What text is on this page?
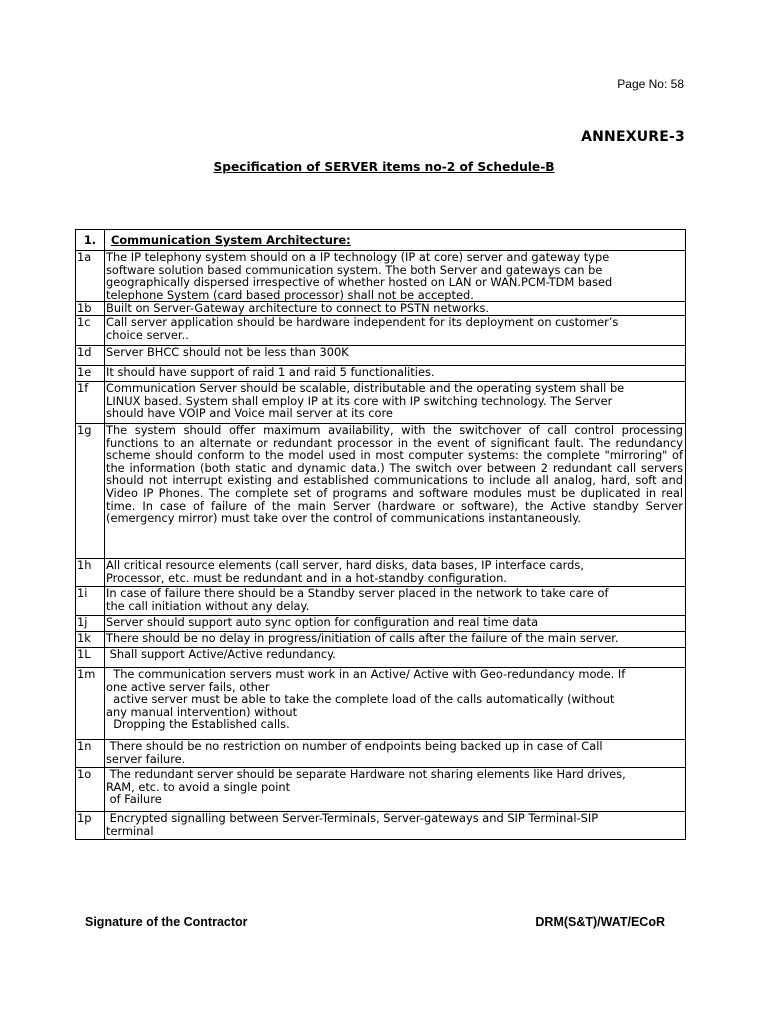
Page No: 58
ANNEXURE-3
Specification of SERVER items no-2 of Schedule-B
1.	Communication System Architecture:
1a	The IP telephony system should on a IP technology (IP at core) server and gateway type
software solution based communication system. The both Server and gateways can be
geographically dispersed irrespective of whether hosted on LAN or WAN.PCM-TDM based
telephone System (card based processor) shall not be accepted.

1b	Built on Server-Gateway architecture to connect to PSTN networks.

1c	Call server application should be hardware independent for its deployment on customer’s
choice server..

1d	Server BHCC should not be less than 300K

1e	It should have support of raid 1 and raid 5 functionalities.

1f	Communication Server should be scalable, distributable and the operating system shall be
LINUX based. System shall employ IP at its core with IP switching technology. The Server
should have VOIP and Voice mail server at its core

1g	The system should offer maximum availability, with the switchover of call control processing functions to an alternate or redundant processor in the event of significant fault. The redundancy scheme should conform to the model used in most computer systems: the complete "mirroring" of the information (both static and dynamic data.) The switch over between 2 redundant call servers should not interrupt existing and established communications to include all analog, hard, soft and Video IP Phones. The complete set of programs and software modules must be duplicated in real time. In case of failure of the main Server (hardware or software), the Active standby Server (emergency mirror) must take over the control of communications instantaneously.
1h	All critical resource elements (call server, hard disks, data bases, IP interface cards,
Processor, etc. must be redundant and in a hot-standby configuration.

1i	In case of failure there should be a Standby server placed in the network to take care of
the call initiation without any delay.

1j	Server should support auto sync option for configuration and real time data

1k	There should be no delay in progress/initiation of calls after the failure of the main server.

1L	Shall support Active/Active redundancy.

1m	The communication servers must work in an Active/ Active with Geo-redundancy mode. If
one active server fails, other
active server must be able to take the complete load of the calls automatically (without
any manual intervention) without
Dropping the Established calls.

1n	There should be no restriction on number of endpoints being backed up in case of Call
server failure.

1o	The redundant server should be separate Hardware not sharing elements like Hard drives,
RAM, etc. to avoid a single point
of Failure

1p	Encrypted signalling between Server-Terminals, Server-gateways and SIP Terminal-SIP
terminal
Signature of the Contractor	DRM(S&T)/WAT/ECoR
